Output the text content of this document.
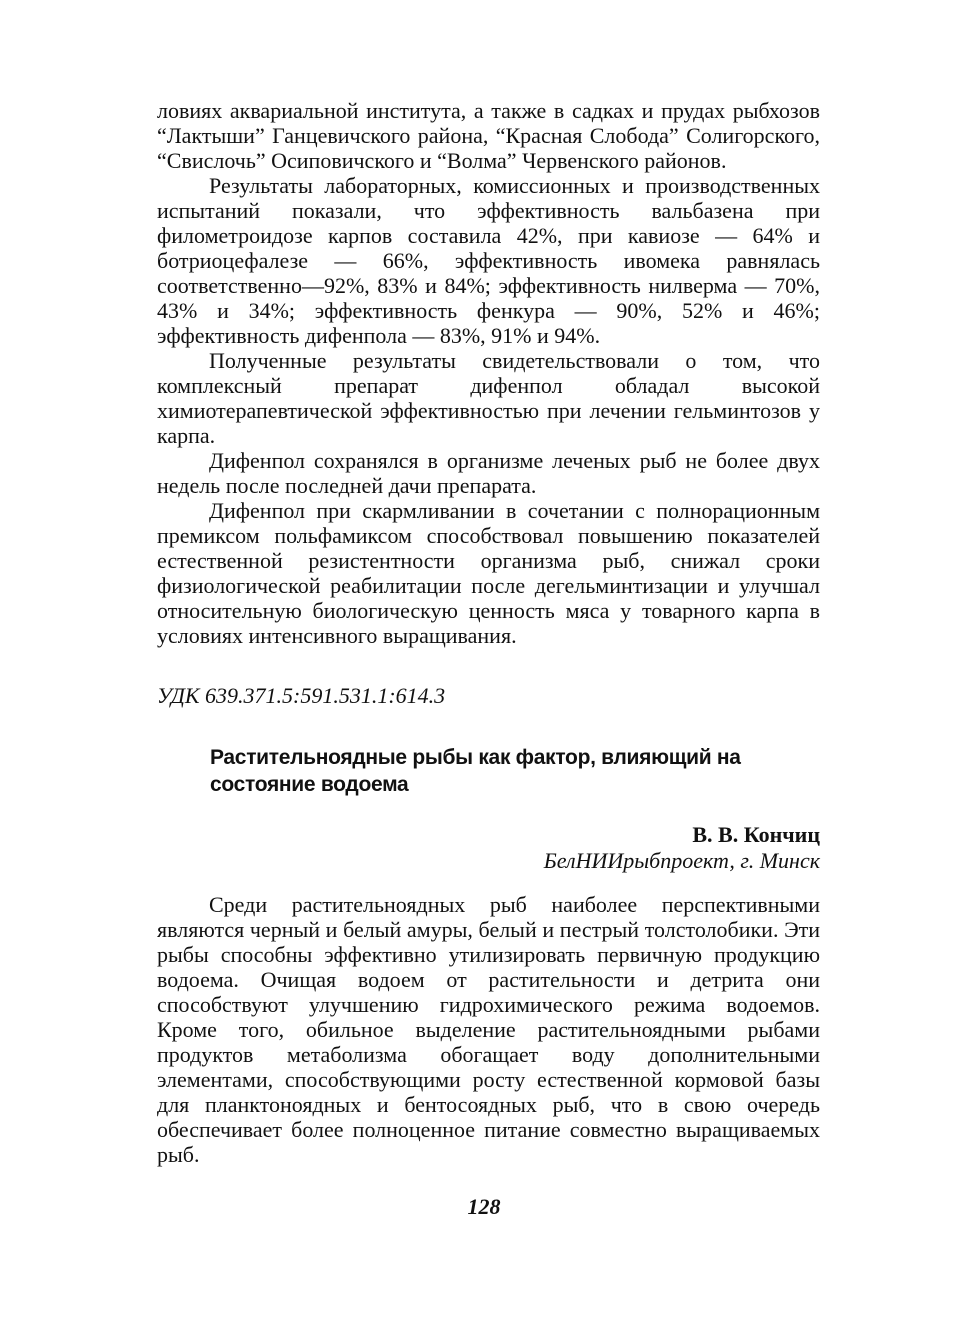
ловиях аквариальной института, а также в садках и прудах рыбхозов “Лактыши” Ганцевичского района, “Красная Слобода” Солигорского, “Свислочь” Осиповичского и “Волма” Червенского районов.

Результаты лабораторных, комиссионных и производственных испытаний показали, что эффективность вальбазена при филометроидозе карпов составила 42%, при кавиозе — 64% и ботриоцефалезе — 66%, эффективность ивомека равнялась соответственно—92%, 83% и 84%; эффективность нилверма — 70%, 43% и 34%; эффективность фенкура — 90%, 52% и 46%; эффективность дифенпола — 83%, 91% и 94%.

Полученные результаты свидетельствовали о том, что комплексный препарат дифенпол обладал высокой химиотерапевтической эффективностью при лечении гельминтозов у карпа.

Дифенпол сохранялся в организме леченых рыб не более двух недель после последней дачи препарата.

Дифенпол при скармливании в сочетании с полнорационным премиксом польфамиксом способствовал повышению показателей естественной резистентности организма рыб, снижал сроки физиологической реабилитации после дегельминтизации и улучшал относительную биологическую ценность мяса у товарного карпа в условиях интенсивного выращивания.

УДК 639.371.5:591.531.1:614.3

Растительноядные рыбы как фактор, влияющий на состояние водоема

В. В. Кончиц

БелНИИрыбпроект, г. Минск

Среди растительноядных рыб наиболее перспективными являются черный и белый амуры, белый и пестрый толстолобики. Эти рыбы способны эффективно утилизировать первичную продукцию водоема. Очищая водоем от растительности и детрита они способствуют улучшению гидрохимического режима водоемов. Кроме того, обильное выделение растительноядными рыбами продуктов метаболизма обогащает воду дополнительными элементами, способствующими росту естественной кормовой базы для планктоноядных и бентосоядных рыб, что в свою очередь обеспечивает более полноценное питание совместно выращиваемых рыб.

128
